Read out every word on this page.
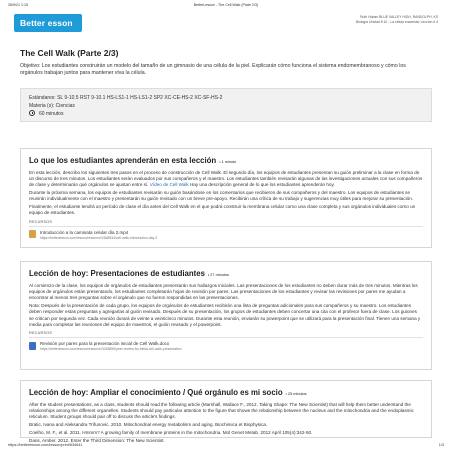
28/9/21 1:15	BetterLesson - The Cell Walk (Parte 2/3)
Better esson
Ruth Hoban BLUE VALLEY HIGH, RANDOLPH, KS
Biología Unidad 8 10 - La célula eucariota: Lección # 4
The Cell Walk (Parte 2/3)

Objetivo: Los estudiantes construirán un modelo del tamaño de un gimnasio de una célula de la piel. Explicarán cómo funciona el sistema endomembranoso y cómo los orgánulos trabajan juntos para mantener viva la célula.

Estándares: SL 9-10.5 RST 9-10.1 HS-LS1-1 HS-LS1-2 SP2 XC-CE-HS-2 XC-SF-HS-2
Materia (s): Ciencias
60 minutos
Lo que los estudiantes aprenderán en esta lección • 1 minuto

En esta lección, describo los siguientes tres pasos en el proceso de construcción de Cell Walk. El segundo día, los equipos de estudiantes presentan su guión preliminar a la clase en forma de un discurso de tres minutos. Los estudiantes serán evaluados por sus compañeros y el maestro. Los estudiantes también revisarán algunas de las investigaciones actuales con sus compañeros de clase y determinarán qué orgánulos se ajustan entre sí. Vídeo de Cell Walk Hay una descripción general de lo que los estudiantes aprenderán hoy.

Durante la próxima semana, los equipos de estudiantes revisarán su guión basándose en los comentarios que recibieron de sus compañeros y del maestro. Los equipos de estudiantes se reunirán individualmente con el maestro y presentarán su guión revisado con un breve pre-apoyo. Recibirán una crítica de su trabajo y sugerencias muy útiles para mejorar su presentación.

Finalmente, el estudiante tendrá un período de clase el día antes del Cell Walk en el que podrá construir la membrana celular como una clase completa y sus orgánulos individuales como un equipo de estudiantes.

RECURSOS
Introducción a la caminata celular día 2.mp4
https://betterlesson.com/lesson/resource/2848534/cell-walk-introduction-day-2
Lección de hoy: Presentaciones de estudiantes • 27 minutos

Al comienzo de la clase, los equipos de orgánulos de estudiantes presentarán sus hallazgos iniciales. Las presentaciones de los estudiantes no deben durar más de tres minutos. Mientras los equipos de orgánulos están presentando, los estudiantes completarán hojas de revisión por pares. Las presentaciones de los estudiantes y revisar las revisiones por pares me ayudan a encontrar al menos tres preguntas sobre el orgánulo que no fueron respondidas en las presentaciones.

Nota: Después de la presentación de cada grupo, los equipos de orgánulos de estudiantes recibirán una lista de preguntas adicionales para sus compañeros y su maestro. Los estudiantes deben responder estas preguntas y agregarlas al guión revisado. Después de su presentación, los grupos de estudiantes deben concertar una cita con el profesor fuera de clase. Los guiones se critican por segunda vez. Cada reunión durará de veinte a veinticinco minutos. Durante esta reunión, enviarán su powerpoint que se utilizará para la presentación final. Tienen una semana y media para completar las reuniones del equipo de maestros, el guión revisado y el powerpoint.

RECURSOS
Revisión por pares para la presentación inicial de Cell Walk.docx
https://betterlesson.com/lesson/resource/3248856/peer-review-for-initial-cell-walk-presentation
Lección de hoy: Ampliar el conocimiento / Qué orgánulo es mi socio • 25 minutos

After the student presentations, as a class, students should read the following article (Marshall, Wallace F., 2012. Taking Shape: The New Scientist) that will help them better understand the relationships among the different organelles. Students should pay particular attention to the figure that shows the relationship between the nucleus and the mitochondria and the endoplasmic reticulum. Student groups should pair off to discuss the article's findings.

Bratic, Ivana and Aleksandra Trifunovic. 2010. Mitochondrial energy metabolism and aging. Biochimica et Biophysica.

Coelho, M. F., et al. 2011. Hmmm? A growing family of membrane proteins in the mitochondria. Mol Genet Metab. 2012 April 105(4):342-50.

Dans, Amber. 2012. Enter the Third Dimension: The New Scientist.

https://betterlesson.com/lesson/print/634641	1/3
